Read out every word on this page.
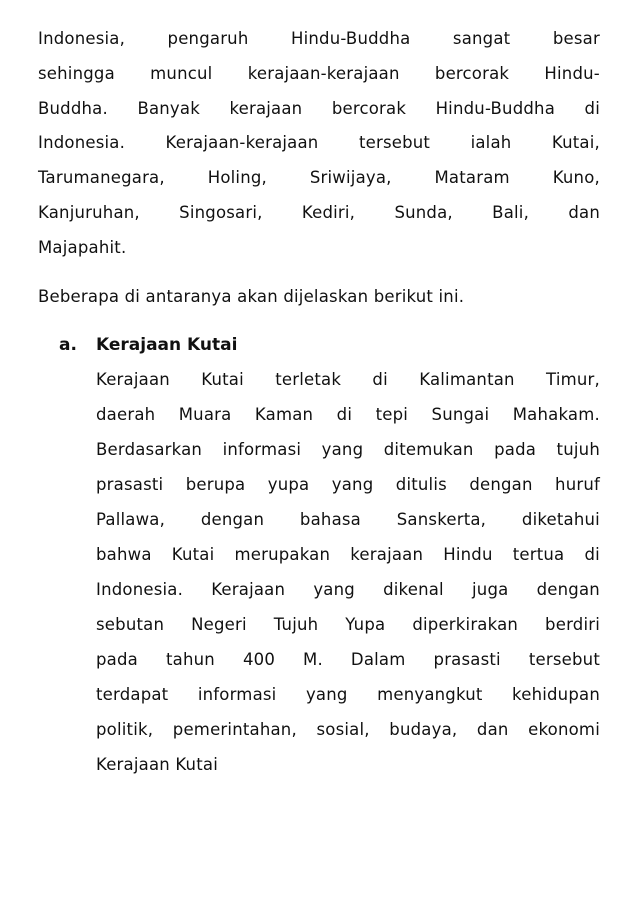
Indonesia,	pengaruh	Hindu-Buddha	sangat	besar
sehingga muncul kerajaan-kerajaan bercorak Hindu-
Buddha. Banyak kerajaan bercorak Hindu-Buddha di
Indonesia. Kerajaan-kerajaan tersebut ialah Kutai,
Tarumanegara,	Holing,	Sriwijaya,	Mataram	Kuno,
Kanjuruhan, Singosari, Kediri, Sunda, Bali, dan
Majapahit.
Beberapa di antaranya akan dijelaskan berikut ini.
a. Kerajaan Kutai
Kerajaan Kutai terletak di Kalimantan Timur,
daerah Muara Kaman di tepi Sungai Mahakam.
Berdasarkan informasi yang ditemukan pada tujuh
prasasti berupa yupa yang ditulis dengan huruf
Pallawa, dengan bahasa Sanskerta, diketahui
bahwa Kutai merupakan kerajaan Hindu tertua di
Indonesia. Kerajaan yang dikenal juga dengan
sebutan Negeri Tujuh Yupa diperkirakan berdiri
pada tahun 400 M. Dalam prasasti tersebut
terdapat informasi yang menyangkut kehidupan
politik, pemerintahan, sosial, budaya, dan ekonomi
Kerajaan Kutai
